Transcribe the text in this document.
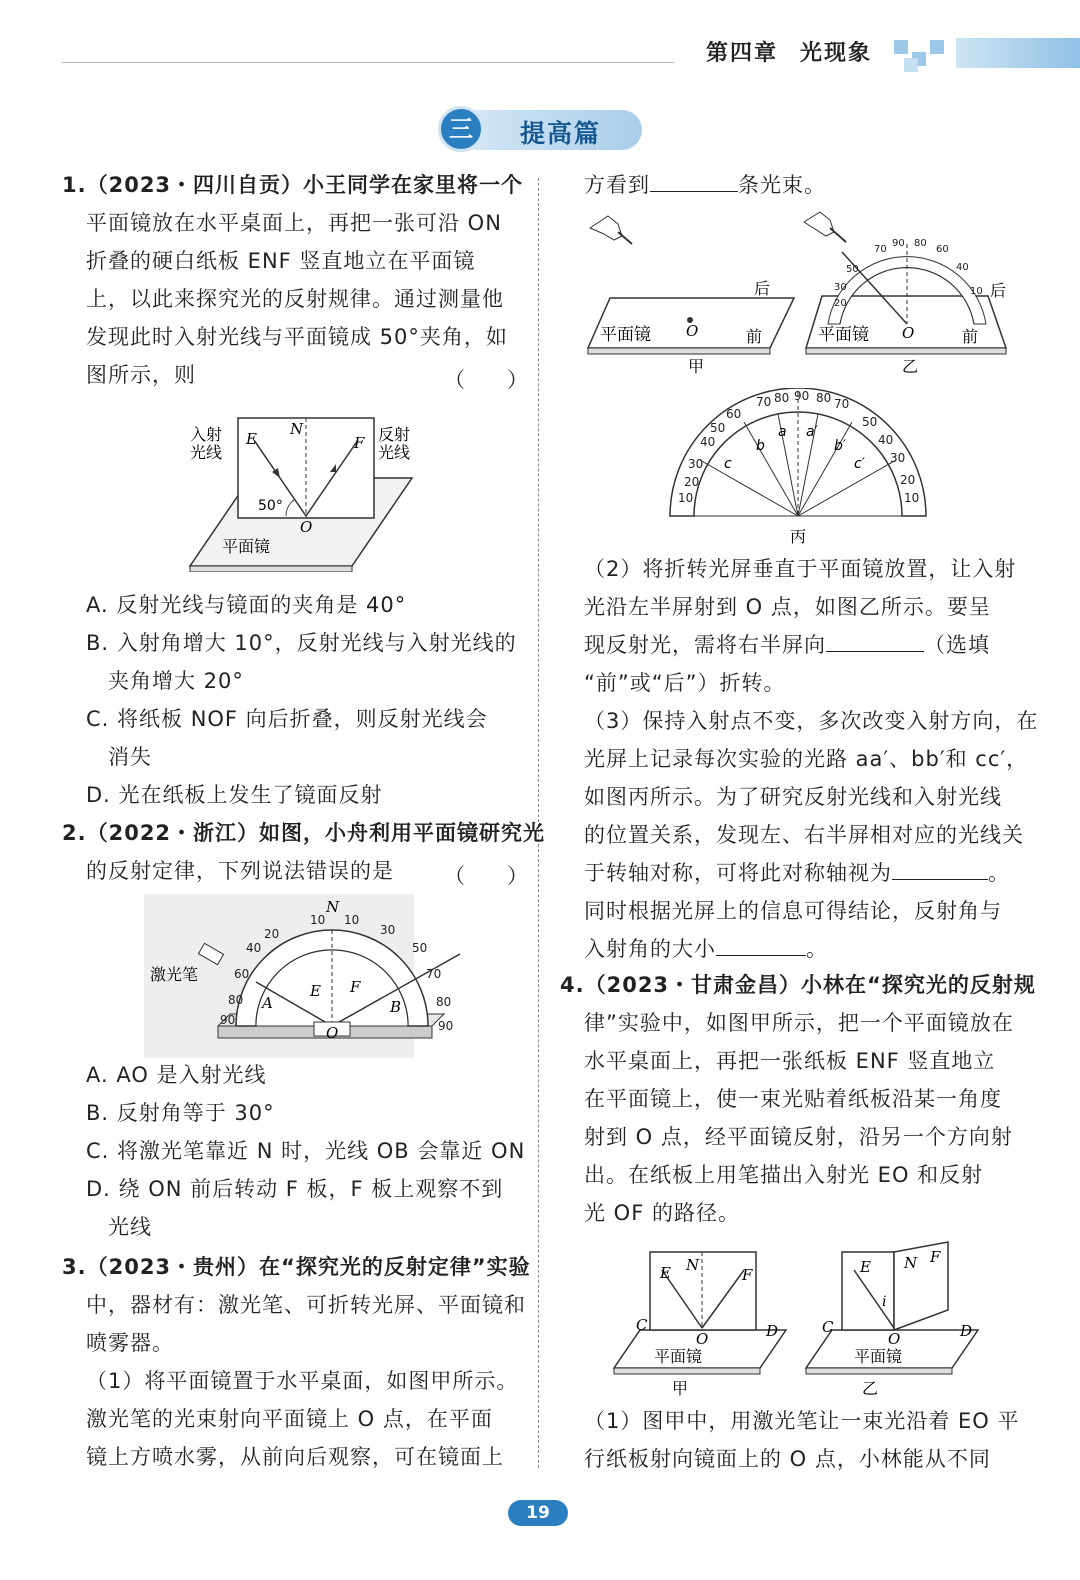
第四章 光现象
三	提高篇
1.（2023・四川自贡）小王同学在家里将一个
平面镜放在水平桌面上，再把一张可沿 ON
折叠的硬白纸板 ENF 竖直地立在平面镜
上，以此来探究光的反射规律。通过测量他
发现此时入射光线与平面镜成 50°夹角，如
图所示，则	（　　）
入射
光线
反射
光线
E
N
F
50°
O
平面镜
A. 反射光线与镜面的夹角是 40°
B. 入射角增大 10°，反射光线与入射光线的
　夹角增大 20°
C. 将纸板 NOF 向后折叠，则反射光线会
　消失
D. 光在纸板上发生了镜面反射
2.（2022・浙江）如图，小舟利用平面镜研究光
的反射定律，下列说法错误的是 （　　）
激光笔
N
A	B
E F
O
10
20
40
60
80
90
10
30
50
70
80
90
A. AO 是入射光线
B. 反射角等于 30°
C. 将激光笔靠近 N 时，光线 OB 会靠近 ON
D. 绕 ON 前后转动 F 板，F 板上观察不到
　光线
3.（2023・贵州）在“探究光的反射定律”实验
中，器材有：激光笔、可折转光屏、平面镜和
喷雾器。
（1）将平面镜置于水平桌面，如图甲所示。
激光笔的光束射向平面镜上 O 点，在平面
镜上方喷水雾，从前向后观察，可在镜面上
方看到	条光束。
平面镜 O	前
后
甲
50
30
20
70
90 80
60
40
10
平面镜 O	前
后
乙
60
50
40
30
20
10
70 80 90 80 70
50
40
30
20
10
c
b
a a′
b′
c′
丙
（2）将折转光屏垂直于平面镜放置，让入射
光沿左半屏射到 O 点，如图乙所示。要呈
现反射光，需将右半屏向	（选填
“前”或“后”）折转。
（3）保持入射点不变，多次改变入射方向，在
光屏上记录每次实验的光路 aa′、bb′和 cc′，
如图丙所示。为了研究反射光线和入射光线
的位置关系，发现左、右半屏相对应的光线关
于转轴对称，可将此对称轴视为	。
同时根据光屏上的信息可得结论，反射角与
入射角的大小	。
4.（2023・甘肃金昌）小林在“探究光的反射规
律”实验中，如图甲所示，把一个平面镜放在
水平桌面上，再把一张纸板 ENF 竖直地立
在平面镜上，使一束光贴着纸板沿某一角度
射到 O 点，经平面镜反射，沿另一个方向射
出。在纸板上用笔描出入射光 EO 和反射
光 OF 的路径。
E N
F
C
O	D
平面镜
甲
E N F
i
C
O	D
平面镜
乙
（1）图甲中，用激光笔让一束光沿着 EO 平
行纸板射向镜面上的 O 点，小林能从不同
19
